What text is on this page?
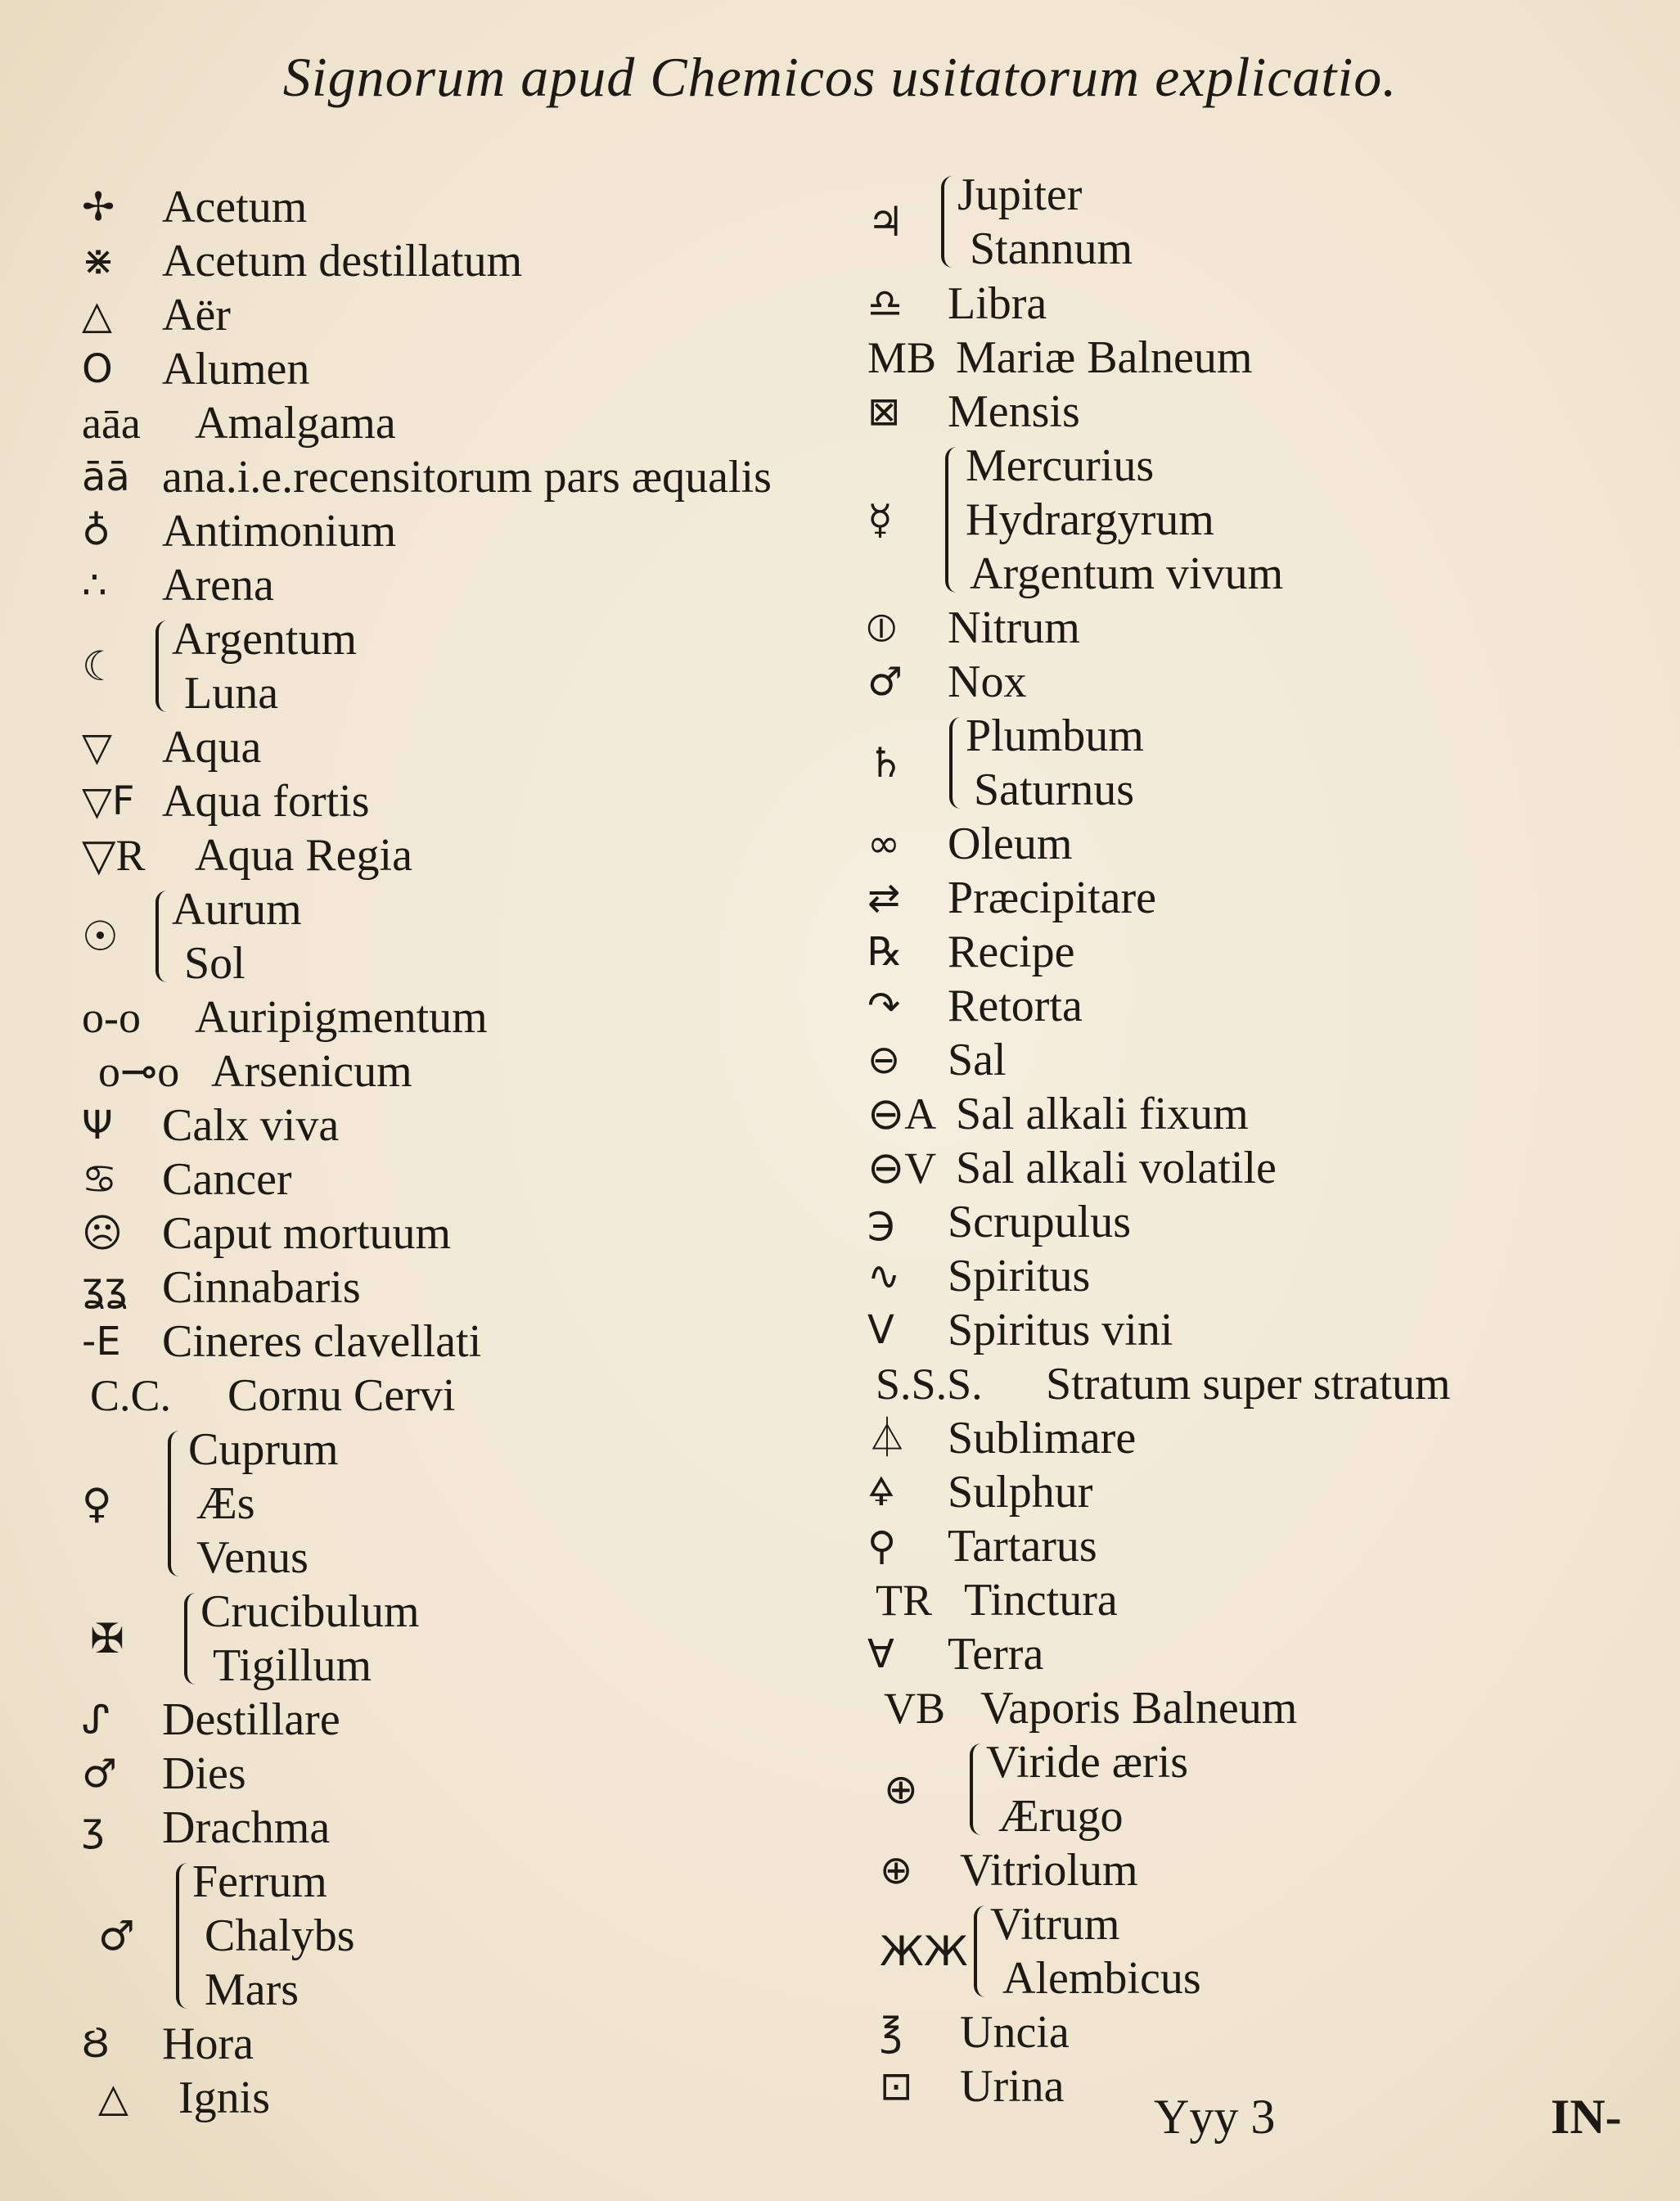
Signorum apud Chemicos usitatorum explicatio.
✢ Acetum
⋇ Acetum destillatum
△ Aër
O Alumen
aāa Amalgama
āā ana.i.e.recensitorum pars æqualis
♁ Antimonium
∴ Arena
☾
Argentum
Luna
▽ Aqua
▽F Aqua fortis
▽R Aqua Regia
☉
Aurum
Sol
o-o Auripigmentum
o⊸o Arsenicum
Ψ Calx viva
♋ Cancer
☹ Caput mortuum
ʓʓ Cinnabaris
-E Cineres clavellati
C.C. Cornu Cervi
♀
Cuprum
Æs
Venus
✠
Crucibulum
Tigillum
ᔑ Destillare
♂ Dies
ʒ Drachma
♂
Ferrum
Chalybs
Mars
Ȣ Hora
△ Ignis
♃
Jupiter
Stannum
♎ Libra
MB Mariæ Balneum
⊠ Mensis
☿
Mercurius
Hydrargyrum
Argentum vivum
⦶ Nitrum
♂ Nox
♄
Plumbum
Saturnus
∞ Oleum
⇄ Præcipitare
℞ Recipe
↷ Retorta
⊖ Sal
⊖A Sal alkali fixum
⊖V Sal alkali volatile
℈ Scrupulus
∿ Spiritus
V Spiritus vini
S.S.S. Stratum super stratum
⏃ Sublimare
🜍 Sulphur
⚲ Tartarus
TR Tinctura
∀ Terra
VB Vaporis Balneum
⊕
Viride æris
Ærugo
⊕ Vitriolum
ЖЖ
Vitrum
Alembicus
℥ Uncia
⊡ Urina
Yyy 3	IN-
